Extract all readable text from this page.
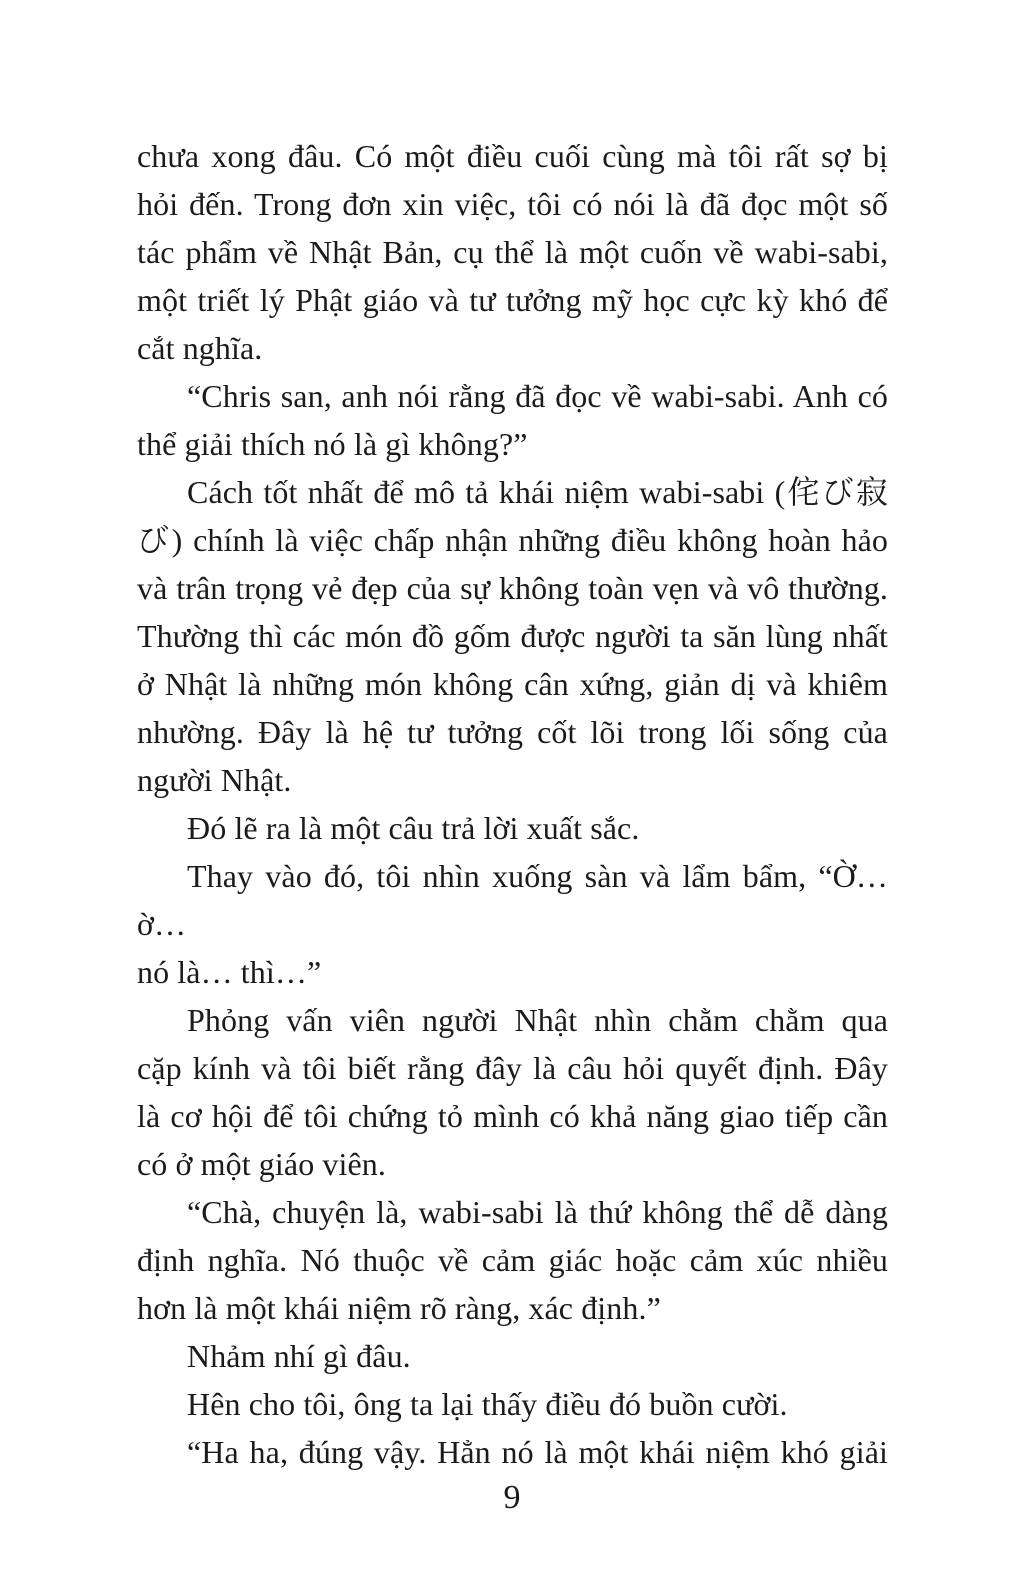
chưa xong đâu. Có một điều cuối cùng mà tôi rất sợ bị
hỏi đến. Trong đơn xin việc, tôi có nói là đã đọc một số
tác phẩm về Nhật Bản, cụ thể là một cuốn về wabi-sabi,
một triết lý Phật giáo và tư tưởng mỹ học cực kỳ khó để
cắt nghĩa.

“Chris san, anh nói rằng đã đọc về wabi-sabi. Anh có
thể giải thích nó là gì không?”

Cách tốt nhất để mô tả khái niệm wabi-sabi (侘び寂
び) chính là việc chấp nhận những điều không hoàn hảo
và trân trọng vẻ đẹp của sự không toàn vẹn và vô thường.
Thường thì các món đồ gốm được người ta săn lùng nhất
ở Nhật là những món không cân xứng, giản dị và khiêm
nhường. Đây là hệ tư tưởng cốt lõi trong lối sống của
người Nhật.

Đó lẽ ra là một câu trả lời xuất sắc.

Thay vào đó, tôi nhìn xuống sàn và lẩm bẩm, “Ờ…ờ…
nó là… thì…”

Phỏng vấn viên người Nhật nhìn chằm chằm qua
cặp kính và tôi biết rằng đây là câu hỏi quyết định. Đây
là cơ hội để tôi chứng tỏ mình có khả năng giao tiếp cần
có ở một giáo viên.

“Chà, chuyện là, wabi-sabi là thứ không thể dễ dàng
định nghĩa. Nó thuộc về cảm giác hoặc cảm xúc nhiều
hơn là một khái niệm rõ ràng, xác định.”

Nhảm nhí gì đâu.

Hên cho tôi, ông ta lại thấy điều đó buồn cười.

“Ha ha, đúng vậy. Hẳn nó là một khái niệm khó giải

9
